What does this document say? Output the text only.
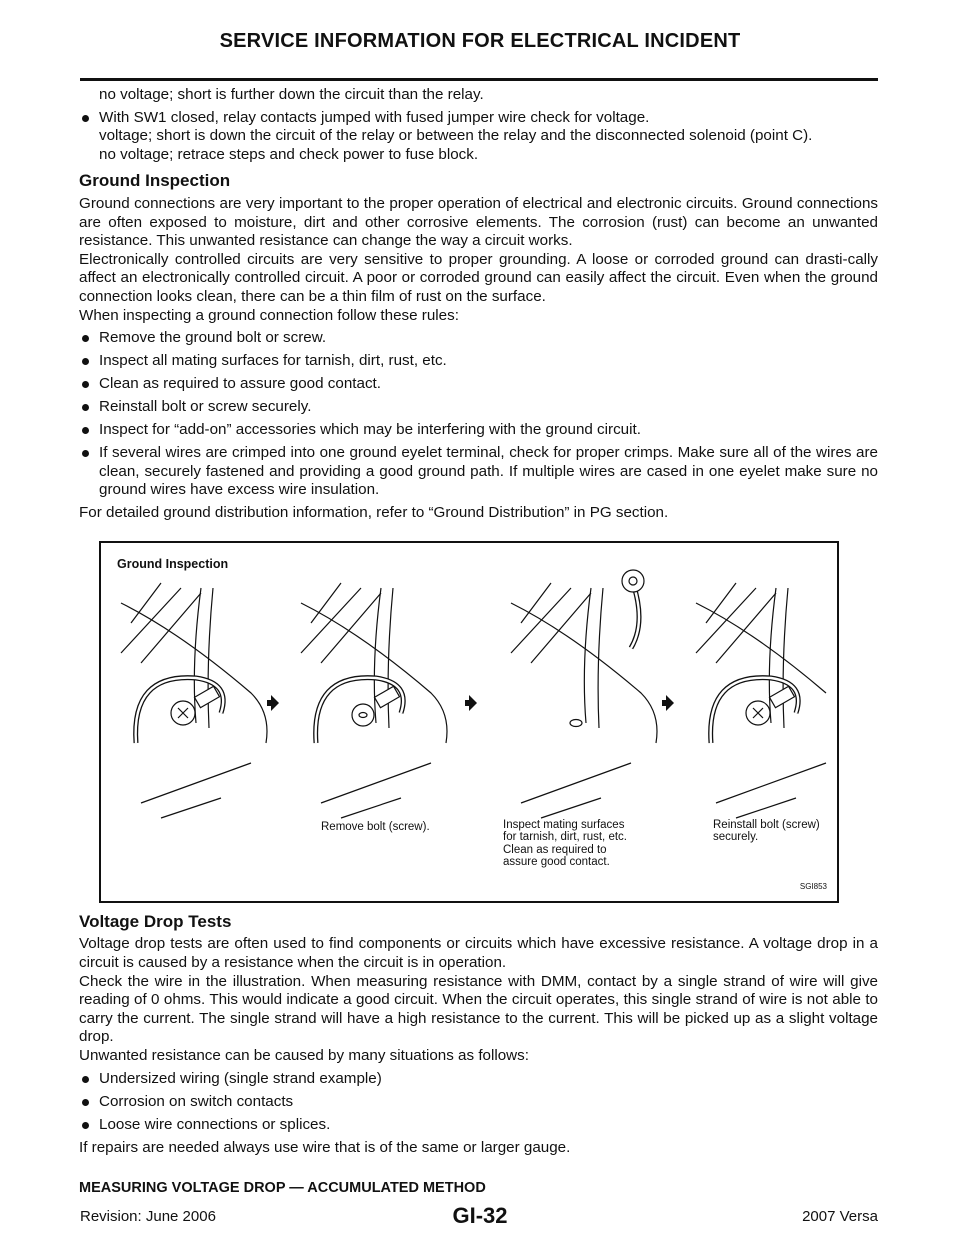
SERVICE INFORMATION FOR ELECTRICAL INCIDENT

no voltage; short is further down the circuit than the relay.

With SW1 closed, relay contacts jumped with fused jumper wire check for voltage.
voltage; short is down the circuit of the relay or between the relay and the disconnected solenoid (point C).
no voltage; retrace steps and check power to fuse block.
Ground Inspection

Ground connections are very important to the proper operation of electrical and electronic circuits. Ground connections are often exposed to moisture, dirt and other corrosive elements. The corrosion (rust) can become an unwanted resistance. This unwanted resistance can change the way a circuit works.

Electronically controlled circuits are very sensitive to proper grounding. A loose or corroded ground can drasti-cally affect an electronically controlled circuit. A poor or corroded ground can easily affect the circuit. Even when the ground connection looks clean, there can be a thin film of rust on the surface.

When inspecting a ground connection follow these rules:

Remove the ground bolt or screw.
Inspect all mating surfaces for tarnish, dirt, rust, etc.
Clean as required to assure good contact.
Reinstall bolt or screw securely.
Inspect for “add-on” accessories which may be interfering with the ground circuit.
If several wires are crimped into one ground eyelet terminal, check for proper crimps. Make sure all of the wires are clean, securely fastened and providing a good ground path. If multiple wires are cased in one eyelet make sure no ground wires have excess wire insulation.

For detailed ground distribution information, refer to “Ground Distribution” in PG section.

Ground Inspection
Remove bolt (screw).	Inspect mating surfaces
for tarnish, dirt, rust, etc.
Clean as required to
assure good contact.
Reinstall bolt (screw)
securely.
SGI853
Voltage Drop Tests

Voltage drop tests are often used to find components or circuits which have excessive resistance. A voltage drop in a circuit is caused by a resistance when the circuit is in operation.

Check the wire in the illustration. When measuring resistance with DMM, contact by a single strand of wire will give reading of 0 ohms. This would indicate a good circuit. When the circuit operates, this single strand of wire is not able to carry the current. The single strand will have a high resistance to the current. This will be picked up as a slight voltage drop.

Unwanted resistance can be caused by many situations as follows:

Undersized wiring (single strand example)
Corrosion on switch contacts
Loose wire connections or splices.

If repairs are needed always use wire that is of the same or larger gauge.

MEASURING VOLTAGE DROP — ACCUMULATED METHOD
Revision: June 2006	GI-32	2007 Versa
